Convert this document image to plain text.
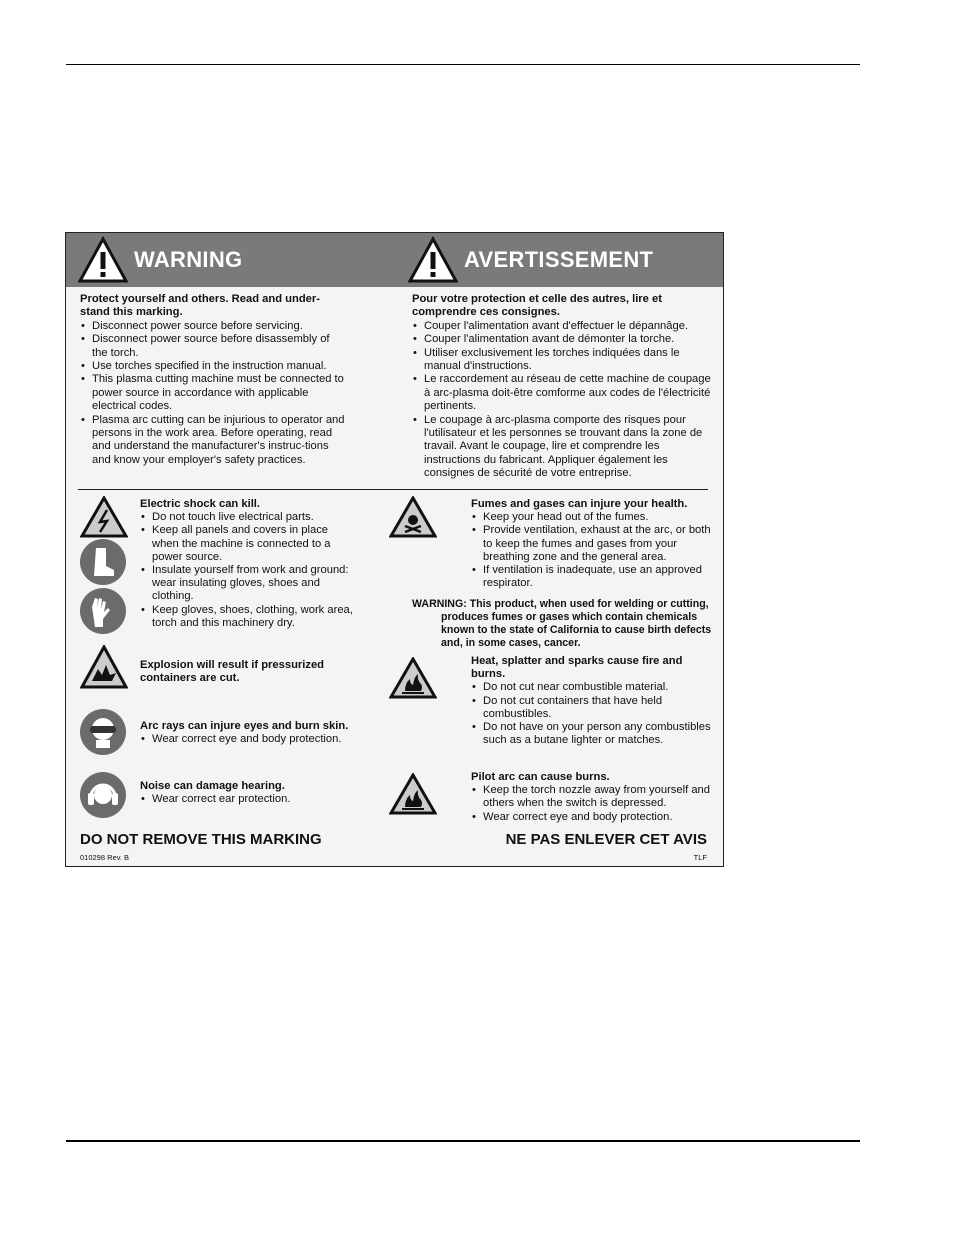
WARNING	AVERTISSEMENT
Protect yourself and others. Read and under-stand this marking.
• Disconnect power source before servicing.
• Disconnect power source before disassembly of the torch.
• Use torches specified in the instruction manual.
• This plasma cutting machine must be connected to power source in accordance with applicable electrical codes.
• Plasma arc cutting can be injurious to operator and persons in the work area. Before operating, read and understand the manufacturer's instruc-tions and know your employer's safety practices.
Pour votre protection et celle des autres, lire et comprendre ces consignes.
• Couper l'alimentation avant d'effectuer le dépannâge.
• Couper l'alimentation avant de démonter la torche.
• Utiliser exclusivement les torches indiquées dans le manual d'instructions.
• Le raccordement au réseau de cette machine de coupage à arc-plasma doit-être comforme aux codes de l'électricité pertinents.
• Le coupage à arc-plasma comporte des risques pour l'utilisateur et les personnes se trouvant dans la zone de travail. Avant le coupage, lire et comprendre les instructions du fabricant. Appliquer également les consignes de sécurité de votre entreprise.
Electric shock can kill.
• Do not touch live electrical parts.
• Keep all panels and covers in place when the machine is connected to a power source.
• Insulate yourself from work and ground: wear insulating gloves, shoes and clothing.
• Keep gloves, shoes, clothing, work area, torch and this machinery dry.
Explosion will result if pressurized containers are cut.
Arc rays can injure eyes and burn skin.
• Wear correct eye and body protection.
Noise can damage hearing.
• Wear correct ear protection.
Fumes and gases can injure your health.
• Keep your head out of the fumes.
• Provide ventilation, exhaust at the arc, or both to keep the fumes and gases from your breathing zone and the general area.
• If ventilation is inadequate, use an approved respirator.
WARNING: This product, when used for welding or cutting,
produces fumes or gases which contain chemicals known to the state of California to cause birth defects and, in some cases, cancer.
Heat, splatter and sparks cause fire and burns.
• Do not cut near combustible material.
• Do not cut containers that have held combustibles.
• Do not have on your person any combustibles such as a butane lighter or matches.
Pilot arc can cause burns.
• Keep the torch nozzle away from yourself and others when the switch is depressed.
• Wear correct eye and body protection.
DO NOT REMOVE THIS MARKING	NE PAS ENLEVER CET AVIS
010298 Rev. B	TLF
